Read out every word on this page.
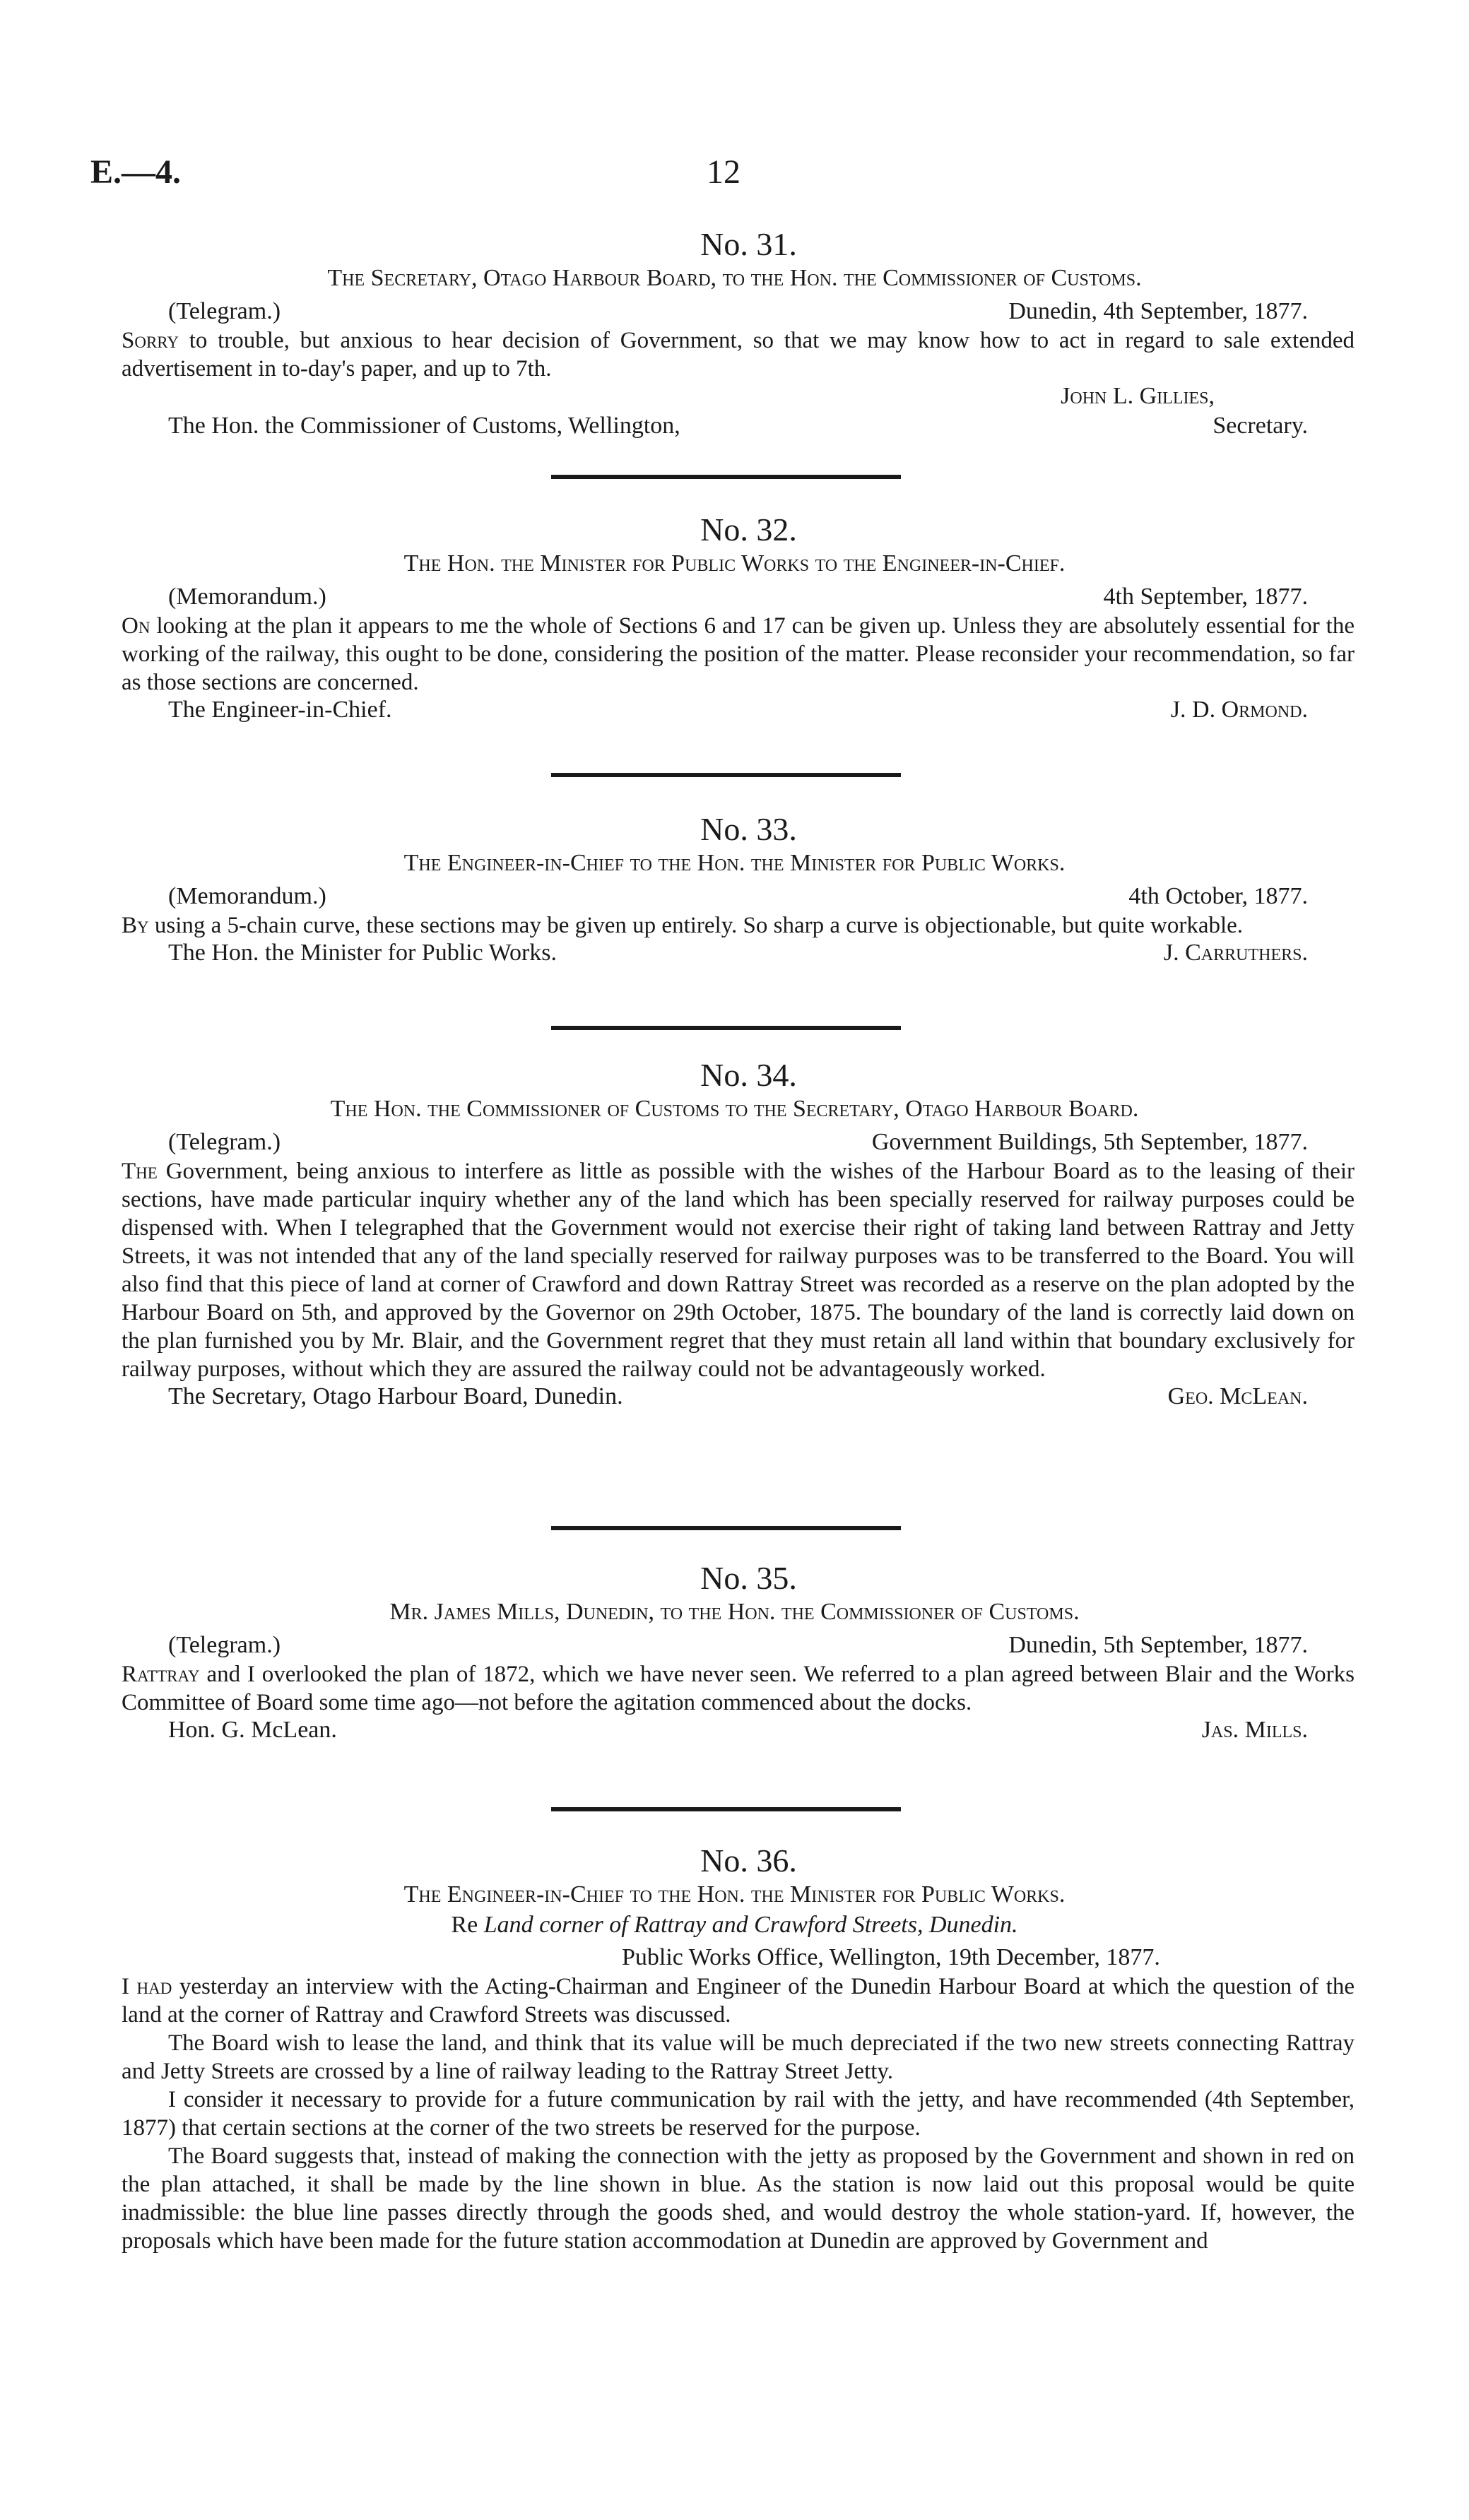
E.—4.	12
No. 31.
The Secretary, Otago Harbour Board, to the Hon. the Commissioner of Customs.
(Telegram.)	Dunedin, 4th September, 1877.

Sorry to trouble, but anxious to hear decision of Government, so that we may know how to act in regard to sale extended advertisement in to-day's paper, and up to 7th.

John L. Gillies,
The Hon. the Commissioner of Customs, Wellington,	Secretary.
No. 32.
The Hon. the Minister for Public Works to the Engineer-in-Chief.
(Memorandum.)	4th September, 1877.

On looking at the plan it appears to me the whole of Sections 6 and 17 can be given up. Unless they are absolutely essential for the working of the railway, this ought to be done, considering the position of the matter. Please reconsider your recommendation, so far as those sections are concerned.

The Engineer-in-Chief.	J. D. Ormond.
No. 33.
The Engineer-in-Chief to the Hon. the Minister for Public Works.
(Memorandum.)	4th October, 1877.

By using a 5-chain curve, these sections may be given up entirely. So sharp a curve is objectionable, but quite workable.

The Hon. the Minister for Public Works.	J. Carruthers.
No. 34.
The Hon. the Commissioner of Customs to the Secretary, Otago Harbour Board.
(Telegram.)	Government Buildings, 5th September, 1877.

The Government, being anxious to interfere as little as possible with the wishes of the Harbour Board as to the leasing of their sections, have made particular inquiry whether any of the land which has been specially reserved for railway purposes could be dispensed with. When I telegraphed that the Government would not exercise their right of taking land between Rattray and Jetty Streets, it was not intended that any of the land specially reserved for railway purposes was to be transferred to the Board. You will also find that this piece of land at corner of Crawford and down Rattray Street was recorded as a reserve on the plan adopted by the Harbour Board on 5th, and approved by the Governor on 29th October, 1875. The boundary of the land is correctly laid down on the plan furnished you by Mr. Blair, and the Government regret that they must retain all land within that boundary exclusively for railway purposes, without which they are assured the railway could not be advantageously worked.

The Secretary, Otago Harbour Board, Dunedin.	Geo. McLean.
No. 35.
Mr. James Mills, Dunedin, to the Hon. the Commissioner of Customs.
(Telegram.)	Dunedin, 5th September, 1877.

Rattray and I overlooked the plan of 1872, which we have never seen. We referred to a plan agreed between Blair and the Works Committee of Board some time ago—not before the agitation commenced about the docks.

Hon. G. McLean.	Jas. Mills.
No. 36.
The Engineer-in-Chief to the Hon. the Minister for Public Works.
Re Land corner of Rattray and Crawford Streets, Dunedin.
Public Works Office, Wellington, 19th December, 1877.

I had yesterday an interview with the Acting-Chairman and Engineer of the Dunedin Harbour Board at which the question of the land at the corner of Rattray and Crawford Streets was discussed.

The Board wish to lease the land, and think that its value will be much depreciated if the two new streets connecting Rattray and Jetty Streets are crossed by a line of railway leading to the Rattray Street Jetty.

I consider it necessary to provide for a future communication by rail with the jetty, and have recommended (4th September, 1877) that certain sections at the corner of the two streets be reserved for the purpose.

The Board suggests that, instead of making the connection with the jetty as proposed by the Government and shown in red on the plan attached, it shall be made by the line shown in blue. As the station is now laid out this proposal would be quite inadmissible: the blue line passes directly through the goods shed, and would destroy the whole station-yard. If, however, the proposals which have been made for the future station accommodation at Dunedin are approved by Government and
